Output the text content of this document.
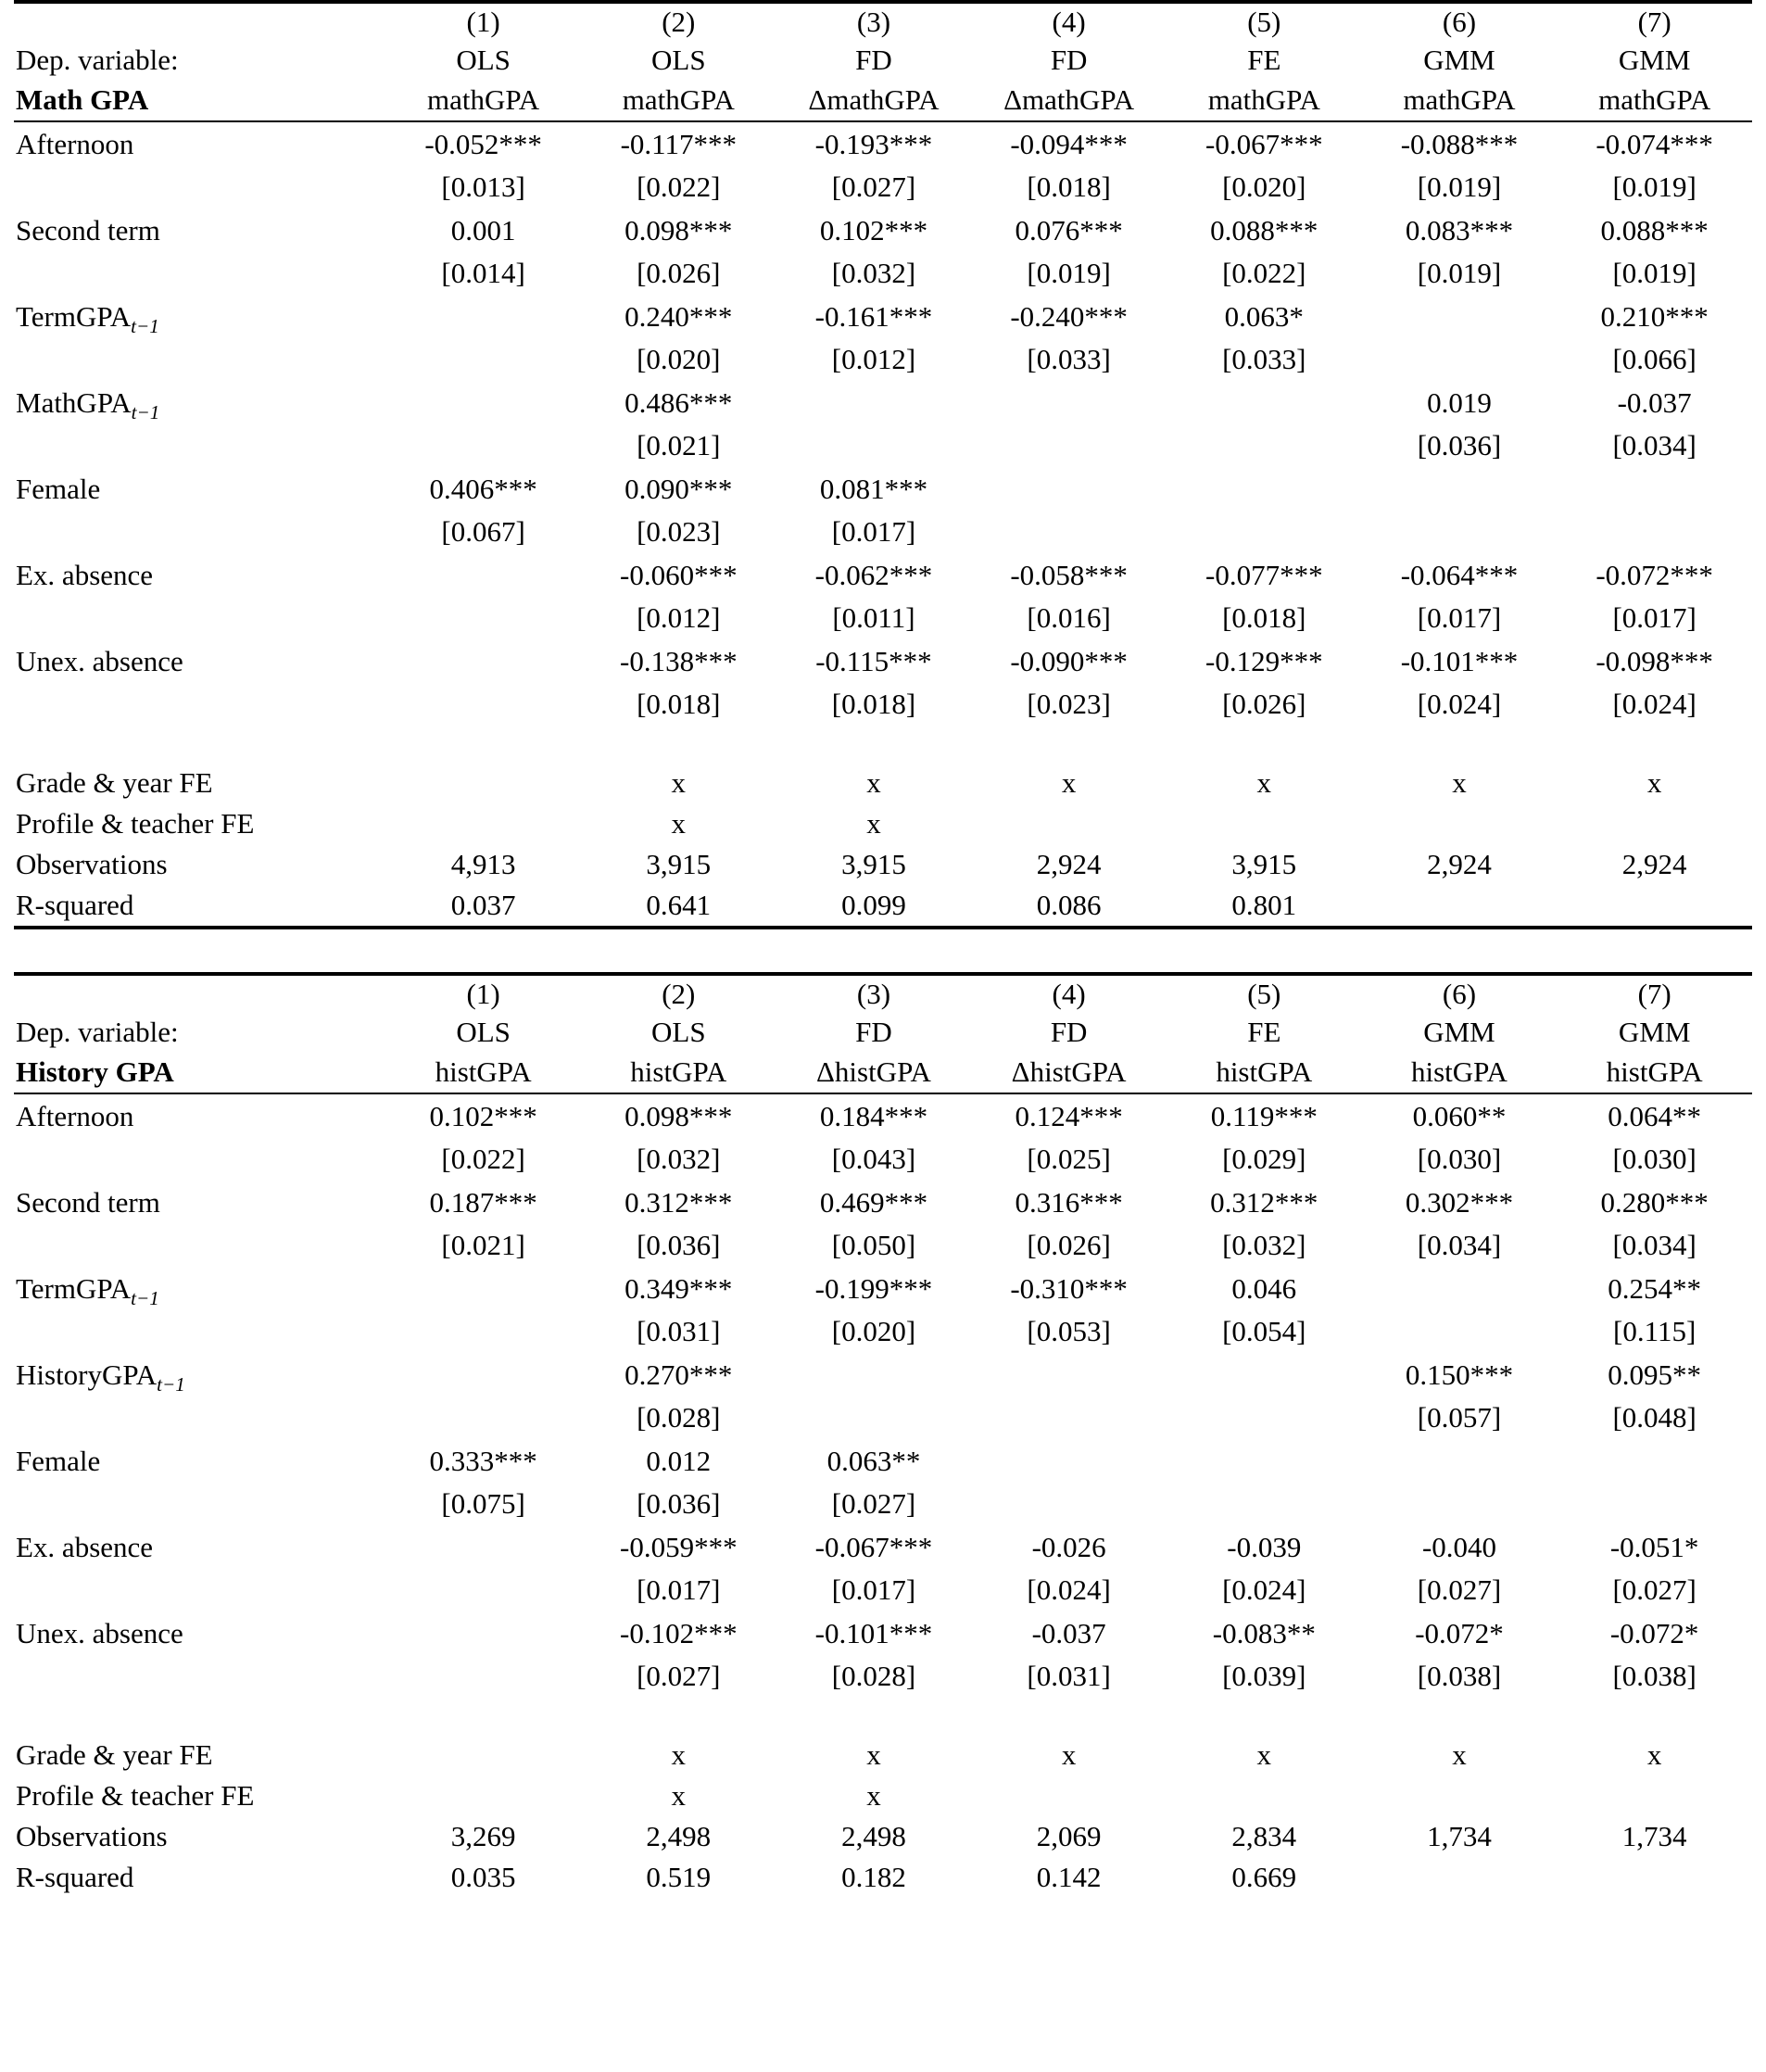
	(1)	(2)	(3)	(4)	(5)	(6)	(7)
Dep. variable:	OLS	OLS	FD	FD	FE	GMM	GMM
Math GPA	mathGPA	mathGPA	ΔmathGPA	ΔmathGPA	mathGPA	mathGPA	mathGPA
Afternoon	-0.052***	-0.117***	-0.193***	-0.094***	-0.067***	-0.088***	-0.074***
	[0.013]	[0.022]	[0.027]	[0.018]	[0.020]	[0.019]	[0.019]
Second term	0.001	0.098***	0.102***	0.076***	0.088***	0.083***	0.088***
	[0.014]	[0.026]	[0.032]	[0.019]	[0.022]	[0.019]	[0.019]
TermGPA$_{t-1}$		0.240***	-0.161***	-0.240***	0.063*		0.210***
		[0.020]	[0.012]	[0.033]	[0.033]		[0.066]
MathGPA$_{t-1}$		0.486***				0.019	-0.037
		[0.021]				[0.036]	[0.034]
Female	0.406***	0.090***	0.081***				
	[0.067]	[0.023]	[0.017]				
Ex. absence		-0.060***	-0.062***	-0.058***	-0.077***	-0.064***	-0.072***
		[0.012]	[0.011]	[0.016]	[0.018]	[0.017]	[0.017]
Unex. absence		-0.138***	-0.115***	-0.090***	-0.129***	-0.101***	-0.098***
		[0.018]	[0.018]	[0.023]	[0.026]	[0.024]	[0.024]

Grade & year FE		x	x	x	x	x	x
Profile & teacher FE		x	x				
Observations	4,913	3,915	3,915	2,924	3,915	2,924	2,924
R-squared	0.037	0.641	0.099	0.086	0.801		
	(1)	(2)	(3)	(4)	(5)	(6)	(7)
Dep. variable:	OLS	OLS	FD	FD	FE	GMM	GMM
History GPA	histGPA	histGPA	ΔhistGPA	ΔhistGPA	histGPA	histGPA	histGPA
Afternoon	0.102***	0.098***	0.184***	0.124***	0.119***	0.060**	0.064**
	[0.022]	[0.032]	[0.043]	[0.025]	[0.029]	[0.030]	[0.030]
Second term	0.187***	0.312***	0.469***	0.316***	0.312***	0.302***	0.280***
	[0.021]	[0.036]	[0.050]	[0.026]	[0.032]	[0.034]	[0.034]
TermGPA$_{t-1}$		0.349***	-0.199***	-0.310***	0.046		0.254**
		[0.031]	[0.020]	[0.053]	[0.054]		[0.115]
HistoryGPA$_{t-1}$		0.270***				0.150***	0.095**
		[0.028]				[0.057]	[0.048]
Female	0.333***	0.012	0.063**				
	[0.075]	[0.036]	[0.027]				
Ex. absence		-0.059***	-0.067***	-0.026	-0.039	-0.040	-0.051*
		[0.017]	[0.017]	[0.024]	[0.024]	[0.027]	[0.027]
Unex. absence		-0.102***	-0.101***	-0.037	-0.083**	-0.072*	-0.072*
		[0.027]	[0.028]	[0.031]	[0.039]	[0.038]	[0.038]

Grade & year FE		x	x	x	x	x	x
Profile & teacher FE		x	x				
Observations	3,269	2,498	2,498	2,069	2,834	1,734	1,734
R-squared	0.035	0.519	0.182	0.142	0.669		
